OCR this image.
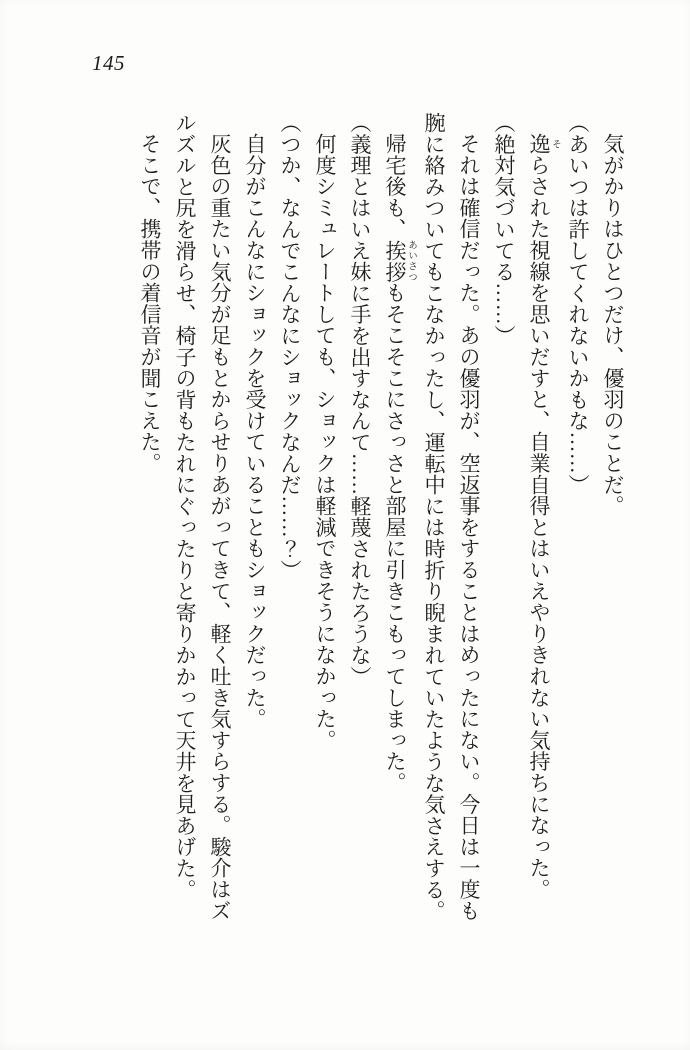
145

気がかりはひとつだけ、優羽のことだ。

（あいつは許してくれないかもな……）

逸 そらされた視線を思いだすと、自業自得とはいえやりきれない気持ちになった。

（絶対気づいてる……）

それは確信だった。あの優羽が、空返事をすることはめったにない。今日は一度も

腕に絡みついてもこなかったし、運転中には時折り睨まれていたような気さえする。

帰宅後も、挨拶 あいさつもそこそこにさっさと部屋に引きこもってしまった。

（義理とはいえ妹に手を出すなんて……軽蔑されたろうな）

何度シミュレートしても、ショックは軽減できそうになかった。

（つか、なんでこんなにショックなんだ……？）

自分がこんなにショックを受けていることもショックだった。

灰色の重たい気分が足もとからせりあがってきて、軽く吐き気すらする。駿介はズ

ルズルと尻を滑らせ、椅子の背もたれにぐったりと寄りかかって天井を見あげた。

そこで、携帯の着信音が聞こえた。
